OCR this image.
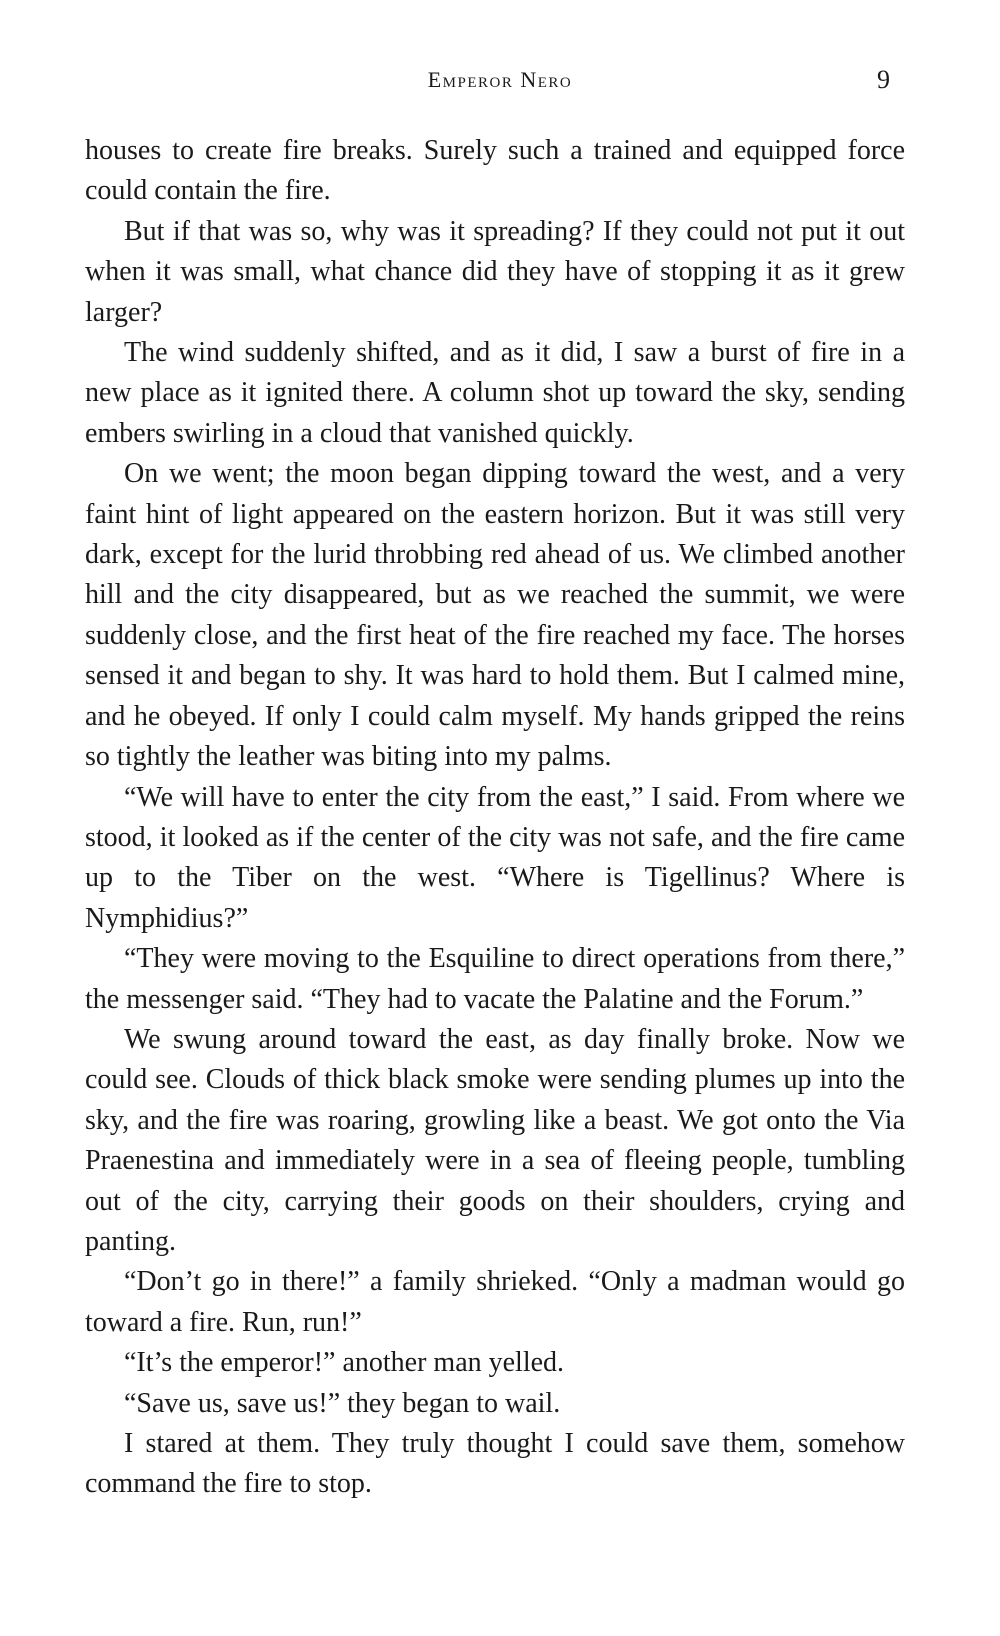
Emperor Nero	9

houses to create fire breaks. Surely such a trained and equipped force could contain the fire.

But if that was so, why was it spreading? If they could not put it out when it was small, what chance did they have of stopping it as it grew larger?

The wind suddenly shifted, and as it did, I saw a burst of fire in a new place as it ignited there. A column shot up toward the sky, sending embers swirling in a cloud that vanished quickly.

On we went; the moon began dipping toward the west, and a very faint hint of light appeared on the eastern horizon. But it was still very dark, except for the lurid throbbing red ahead of us. We climbed another hill and the city disappeared, but as we reached the summit, we were suddenly close, and the first heat of the fire reached my face. The horses sensed it and began to shy. It was hard to hold them. But I calmed mine, and he obeyed. If only I could calm myself. My hands gripped the reins so tightly the leather was biting into my palms.

“We will have to enter the city from the east,” I said. From where we stood, it looked as if the center of the city was not safe, and the fire came up to the Tiber on the west. “Where is Tigellinus? Where is Nymphidius?”

“They were moving to the Esquiline to direct operations from there,” the messenger said. “They had to vacate the Palatine and the Forum.”

We swung around toward the east, as day finally broke. Now we could see. Clouds of thick black smoke were sending plumes up into the sky, and the fire was roaring, growling like a beast. We got onto the Via Praenestina and immediately were in a sea of fleeing people, tumbling out of the city, carrying their goods on their shoulders, crying and panting.

“Don’t go in there!” a family shrieked. “Only a madman would go toward a fire. Run, run!”

“It’s the emperor!” another man yelled.

“Save us, save us!” they began to wail.

I stared at them. They truly thought I could save them, somehow command the fire to stop.
